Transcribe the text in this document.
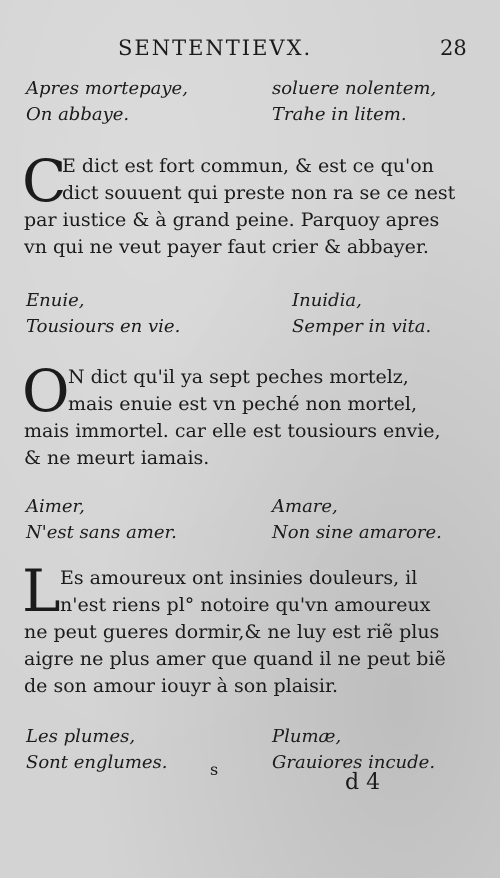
SENTENTIEVX.	28
Apres mortepaye,
On abbaye.
soluere nolentem,
Trahe in litem.
C
E dict est fort commun, & est ce qu'on
dict souuent qui preste non ra se ce nest
par iustice & à grand peine. Parquoy apres
vn qui ne veut payer faut crier & abbayer.
Enuie,
Tousiours en vie.
Inuidia,
Semper in vita.
O
N dict qu'il ya sept peches mortelz,
mais enuie est vn peché non mortel,
mais immortel. car elle est tousiours envie,
& ne meurt iamais.
Aimer,
N'est sans amer.
Amare,
Non sine amarore.
L Es amoureux ont insinies douleurs, il
n'est riens pl° notoire qu'vn amoureux
ne peut gueres dormir,& ne luy est riẽ plus
aigre ne plus amer que quand il ne peut biẽ
de son amour iouyr à son plaisir.
Les plumes,
Sont englumes.
Plumæ,
Grauiores incude.
s
d 4
